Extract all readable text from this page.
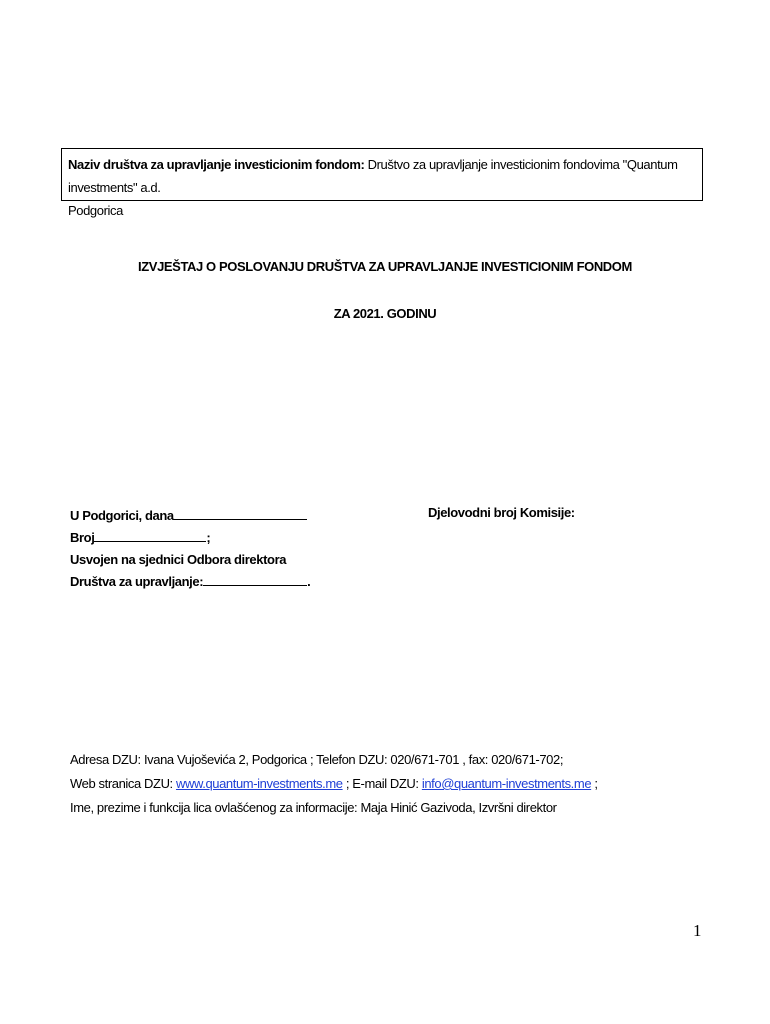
Naziv društva za upravljanje investicionim fondom: Društvo za upravljanje investicionim fondovima "Quantum investments" a.d.
Podgorica
IZVJEŠTAJ O POSLOVANJU DRUŠTVA ZA UPRAVLJANJE INVESTICIONIM FONDOM
ZA 2021. GODINU
U Podgorici, dana
Broj	;
Usvojen na sjednici Odbora direktora
Društva za upravljanje:	.
Djelovodni broj Komisije:
Adresa DZU: Ivana Vujoševića 2, Podgorica ; Telefon DZU: 020/671-701 , fax: 020/671-702;
Web stranica DZU: www.quantum-investments.me ; E-mail DZU: info@quantum-investments.me ;
Ime, prezime i funkcija lica ovlašćenog za informacije: Maja Hinić Gazivoda, Izvršni direktor
1
